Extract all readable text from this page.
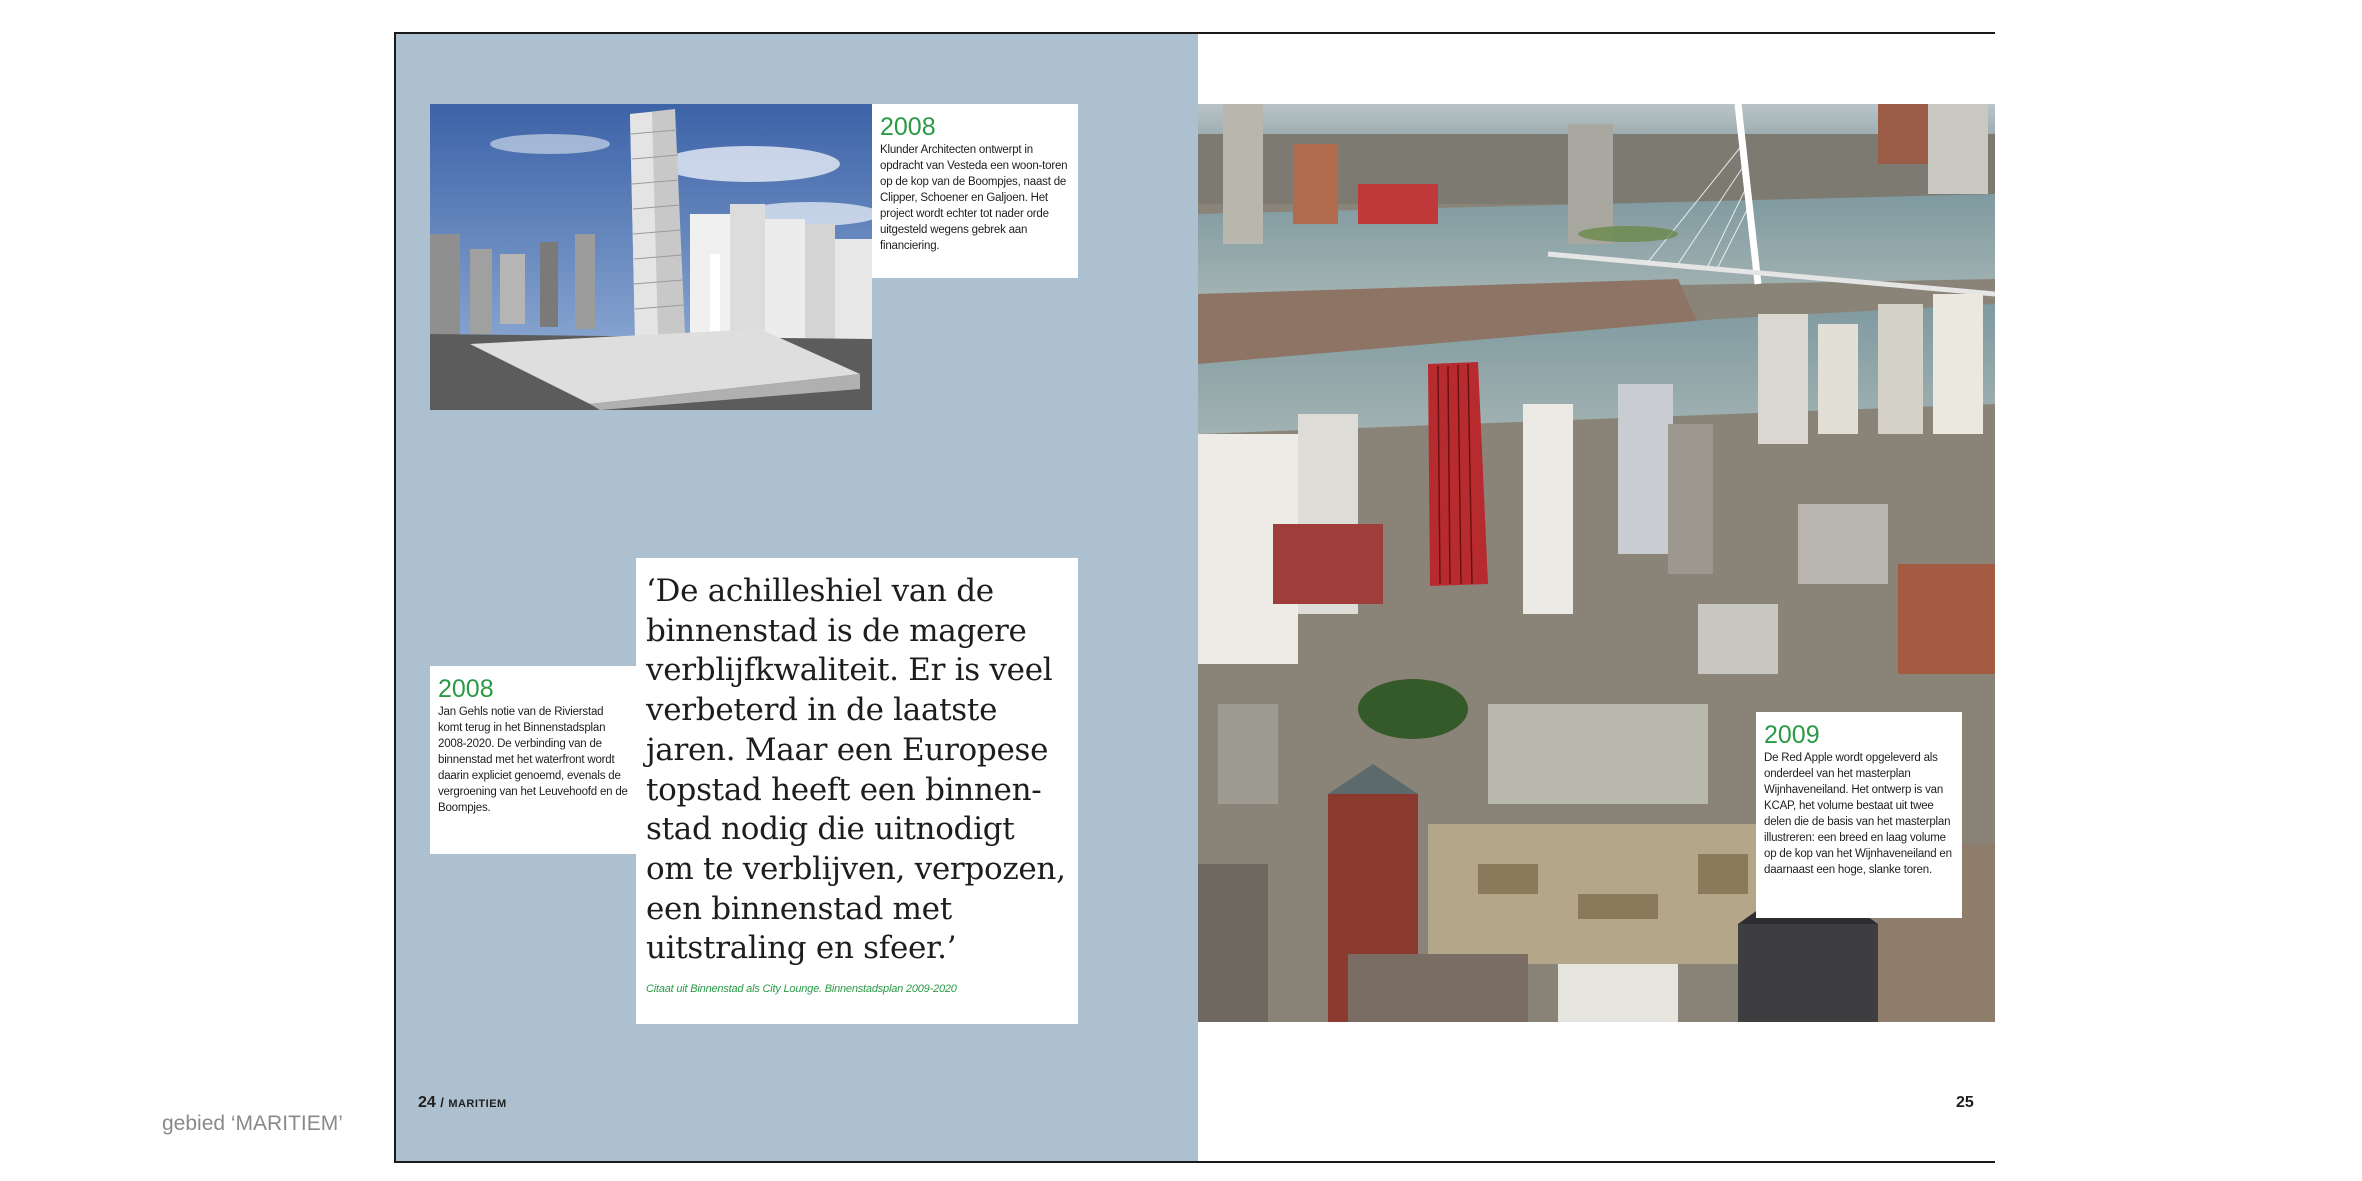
gebied ‘MARITIEM’
2008
Klunder Architecten ontwerpt in opdracht van Vesteda een woon-toren op de kop van de Boompjes, naast de Clipper, Schoener en Galjoen. Het project wordt echter tot nader orde uitgesteld wegens gebrek aan financiering.
2008
Jan Gehls notie van de Rivierstad komt terug in het Binnenstadsplan 2008-2020. De verbinding van de binnenstad met het waterfront wordt daarin expliciet genoemd, evenals de vergroening van het Leuvehoofd en de Boompjes.
‘De achilleshiel van de binnenstad is de magere verblijfkwaliteit. Er is veel verbeterd in de laatste jaren. Maar een Europese topstad heeft een binnen-stad nodig die uitnodigt om te verblijven, verpozen, een binnenstad met uitstraling en sfeer.’
Citaat uit Binnenstad als City Lounge. Binnenstadsplan 2009-2020
24 / MARITIEM
2009
De Red Apple wordt opgeleverd als onderdeel van het masterplan Wijnhaveneiland. Het ontwerp is van KCAP, het volume bestaat uit twee delen die de basis van het masterplan illustreren: een breed en laag volume op de kop van het Wijnhaveneiland en daarnaast een hoge, slanke toren.
25
